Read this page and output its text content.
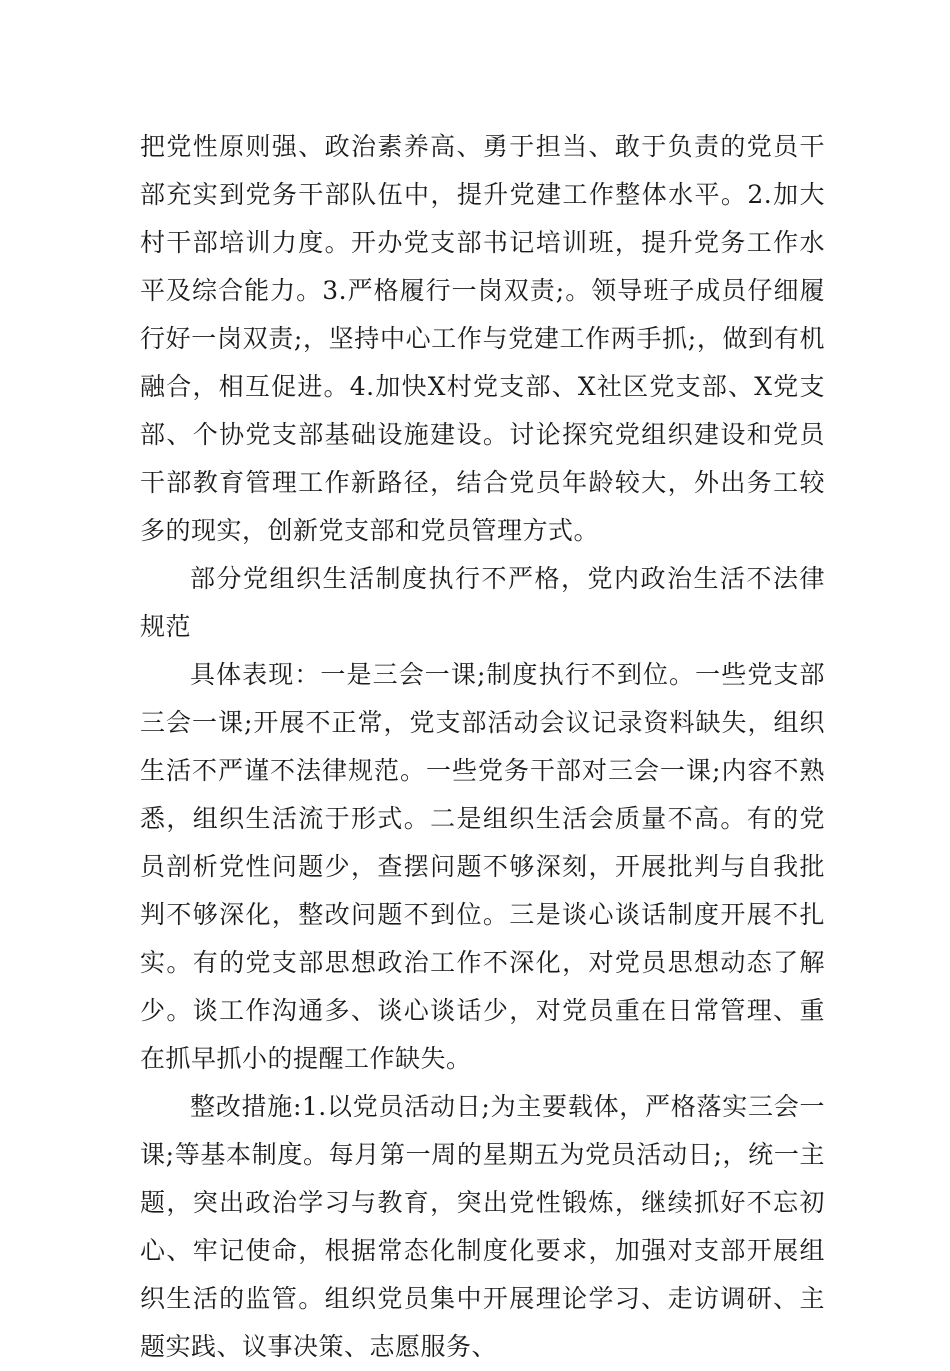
把党性原则强、政治素养高、勇于担当、敢于负责的党员干部充实到党务干部队伍中，提升党建工作整体水平。2.加大村干部培训力度。开办党支部书记培训班，提升党务工作水平及综合能力。3.严格履行一岗双责;。领导班子成员仔细履行好一岗双责;，坚持中心工作与党建工作两手抓;，做到有机融合，相互促进。4.加快X村党支部、X社区党支部、X党支部、个协党支部基础设施建设。讨论探究党组织建设和党员干部教育管理工作新路径，结合党员年龄较大，外出务工较多的现实，创新党支部和党员管理方式。

部分党组织生活制度执行不严格，党内政治生活不法律规范

具体表现：一是三会一课;制度执行不到位。一些党支部三会一课;开展不正常，党支部活动会议记录资料缺失，组织生活不严谨不法律规范。一些党务干部对三会一课;内容不熟悉，组织生活流于形式。二是组织生活会质量不高。有的党员剖析党性问题少，查摆问题不够深刻，开展批判与自我批判不够深化，整改问题不到位。三是谈心谈话制度开展不扎实。有的党支部思想政治工作不深化，对党员思想动态了解少。谈工作沟通多、谈心谈话少，对党员重在日常管理、重在抓早抓小的提醒工作缺失。

整改措施:1.以党员活动日;为主要载体，严格落实三会一课;等基本制度。每月第一周的星期五为党员活动日;，统一主题，突出政治学习与教育，突出党性锻炼，继续抓好不忘初心、牢记使命，根据常态化制度化要求，加强对支部开展组织生活的监管。组织党员集中开展理论学习、走访调研、主题实践、议事决策、志愿服务、
